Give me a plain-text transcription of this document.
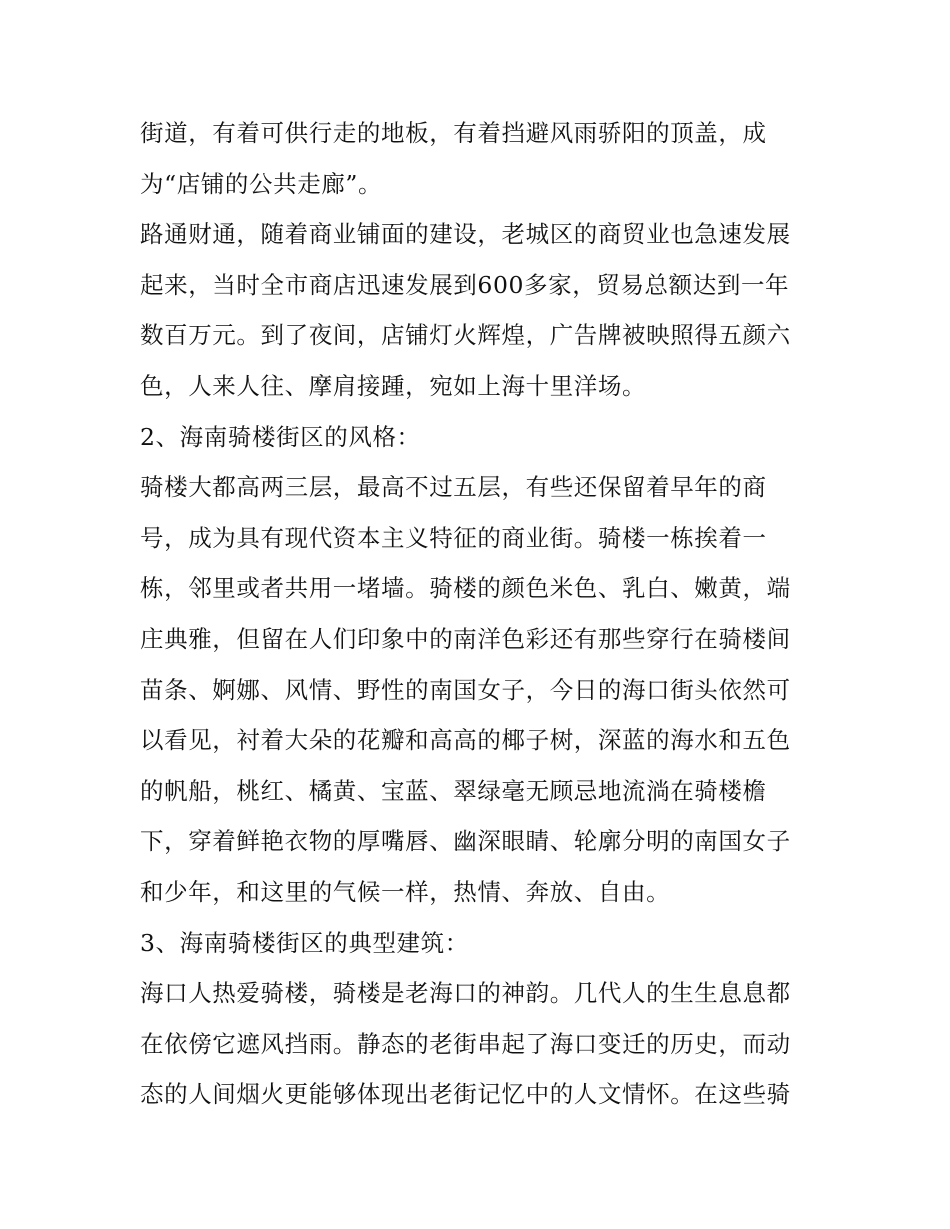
街道，有着可供行走的地板，有着挡避风雨骄阳的顶盖，成
为“店铺的公共走廊”。
路通财通，随着商业铺面的建设，老城区的商贸业也急速发展
起来，当时全市商店迅速发展到600多家，贸易总额达到一年
数百万元。到了夜间，店铺灯火辉煌，广告牌被映照得五颜六
色，人来人往、摩肩接踵，宛如上海十里洋场。
2、海南骑楼街区的风格：
骑楼大都高两三层，最高不过五层，有些还保留着早年的商
号，成为具有现代资本主义特征的商业街。骑楼一栋挨着一
栋，邻里或者共用一堵墙。骑楼的颜色米色、乳白、嫩黄，端
庄典雅，但留在人们印象中的南洋色彩还有那些穿行在骑楼间
苗条、婀娜、风情、野性的南国女子，今日的海口街头依然可
以看见，衬着大朵的花瓣和高高的椰子树，深蓝的海水和五色
的帆船，桃红、橘黄、宝蓝、翠绿毫无顾忌地流淌在骑楼檐
下，穿着鲜艳衣物的厚嘴唇、幽深眼睛、轮廓分明的南国女子
和少年，和这里的气候一样，热情、奔放、自由。
3、海南骑楼街区的典型建筑：
海口人热爱骑楼，骑楼是老海口的神韵。几代人的生生息息都
在依傍它遮风挡雨。静态的老街串起了海口变迁的历史，而动
态的人间烟火更能够体现出老街记忆中的人文情怀。在这些骑
